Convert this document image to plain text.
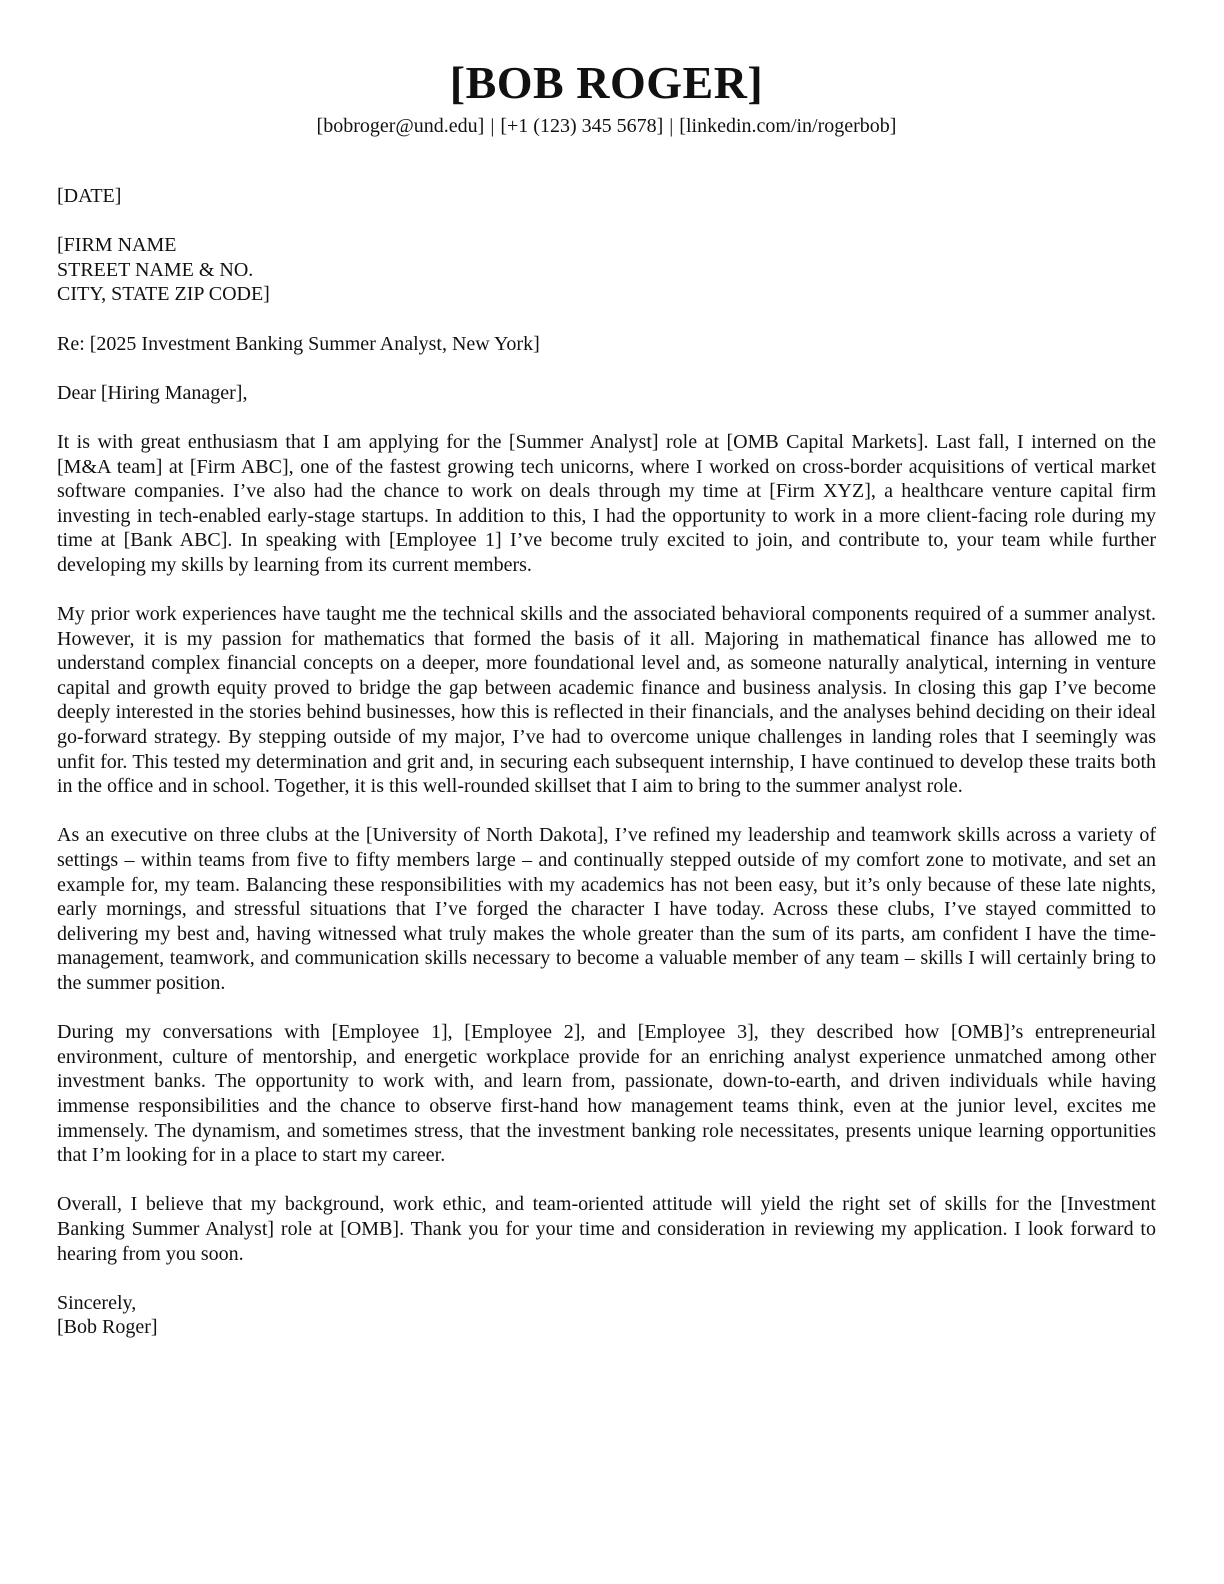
[BOB ROGER]
[bobroger@und.edu] | [+1 (123) 345 5678] | [linkedin.com/in/rogerbob]
[DATE]
[FIRM NAME
STREET NAME & NO.
CITY, STATE ZIP CODE]
Re: [2025 Investment Banking Summer Analyst, New York]
Dear [Hiring Manager],

It is with great enthusiasm that I am applying for the [Summer Analyst] role at [OMB Capital Markets]. Last fall, I interned on the [M&A team] at [Firm ABC], one of the fastest growing tech unicorns, where I worked on cross-border acquisitions of vertical market software companies. I’ve also had the chance to work on deals through my time at [Firm XYZ], a healthcare venture capital firm investing in tech-enabled early-stage startups. In addition to this, I had the opportunity to work in a more client-facing role during my time at [Bank ABC]. In speaking with [Employee 1] I’ve become truly excited to join, and contribute to, your team while further developing my skills by learning from its current members.

My prior work experiences have taught me the technical skills and the associated behavioral components required of a summer analyst. However, it is my passion for mathematics that formed the basis of it all. Majoring in mathematical finance has allowed me to understand complex financial concepts on a deeper, more foundational level and, as someone naturally analytical, interning in venture capital and growth equity proved to bridge the gap between academic finance and business analysis. In closing this gap I’ve become deeply interested in the stories behind businesses, how this is reflected in their financials, and the analyses behind deciding on their ideal go-forward strategy. By stepping outside of my major, I’ve had to overcome unique challenges in landing roles that I seemingly was unfit for. This tested my determination and grit and, in securing each subsequent internship, I have continued to develop these traits both in the office and in school. Together, it is this well-rounded skillset that I aim to bring to the summer analyst role.

As an executive on three clubs at the [University of North Dakota], I’ve refined my leadership and teamwork skills across a variety of settings – within teams from five to fifty members large – and continually stepped outside of my comfort zone to motivate, and set an example for, my team. Balancing these responsibilities with my academics has not been easy, but it’s only because of these late nights, early mornings, and stressful situations that I’ve forged the character I have today. Across these clubs, I’ve stayed committed to delivering my best and, having witnessed what truly makes the whole greater than the sum of its parts, am confident I have the time-management, teamwork, and communication skills necessary to become a valuable member of any team – skills I will certainly bring to the summer position.

During my conversations with [Employee 1], [Employee 2], and [Employee 3], they described how [OMB]’s entrepreneurial environment, culture of mentorship, and energetic workplace provide for an enriching analyst experience unmatched among other investment banks. The opportunity to work with, and learn from, passionate, down-to-earth, and driven individuals while having immense responsibilities and the chance to observe first-hand how management teams think, even at the junior level, excites me immensely. The dynamism, and sometimes stress, that the investment banking role necessitates, presents unique learning opportunities that I’m looking for in a place to start my career.

Overall, I believe that my background, work ethic, and team-oriented attitude will yield the right set of skills for the [Investment Banking Summer Analyst] role at [OMB]. Thank you for your time and consideration in reviewing my application. I look forward to hearing from you soon.

Sincerely,
[Bob Roger]
